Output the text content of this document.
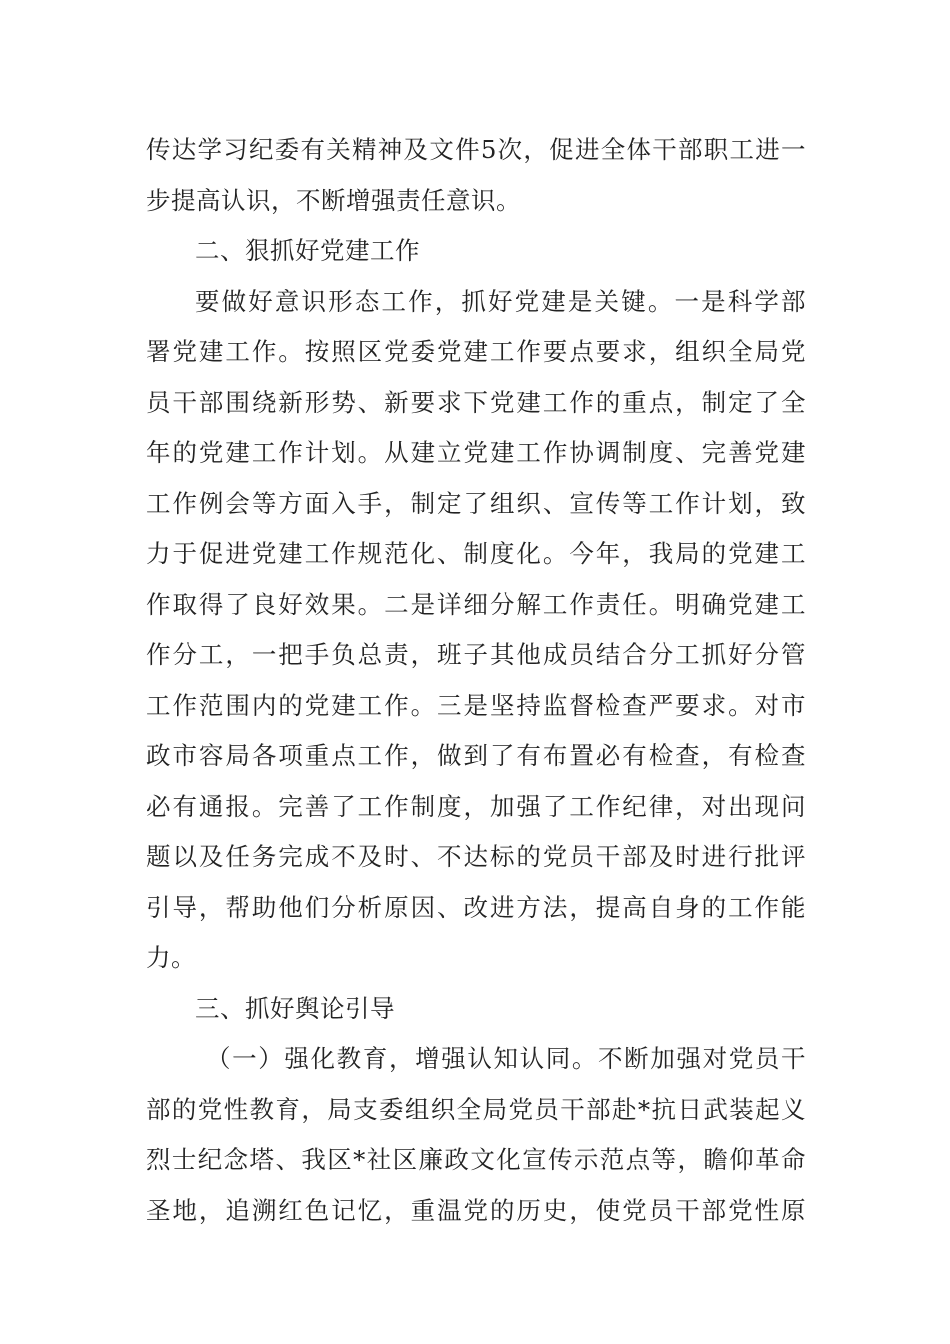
传达学习纪委有关精神及文件5次，促进全体干部职工进一
步提高认识，不断增强责任意识。
二、狠抓好党建工作
要做好意识形态工作，抓好党建是关键。一是科学部
署党建工作。按照区党委党建工作要点要求，组织全局党
员干部围绕新形势、新要求下党建工作的重点，制定了全
年的党建工作计划。从建立党建工作协调制度、完善党建
工作例会等方面入手，制定了组织、宣传等工作计划，致
力于促进党建工作规范化、制度化。今年，我局的党建工
作取得了良好效果。二是详细分解工作责任。明确党建工
作分工，一把手负总责，班子其他成员结合分工抓好分管
工作范围内的党建工作。三是坚持监督检查严要求。对市
政市容局各项重点工作，做到了有布置必有检查，有检查
必有通报。完善了工作制度，加强了工作纪律，对出现问
题以及任务完成不及时、不达标的党员干部及时进行批评
引导，帮助他们分析原因、改进方法，提高自身的工作能
力。
三、抓好舆论引导
（一）强化教育，增强认知认同。不断加强对党员干
部的党性教育，局支委组织全局党员干部赴*抗日武装起义
烈士纪念塔、我区*社区廉政文化宣传示范点等，瞻仰革命
圣地，追溯红色记忆，重温党的历史，使党员干部党性原
